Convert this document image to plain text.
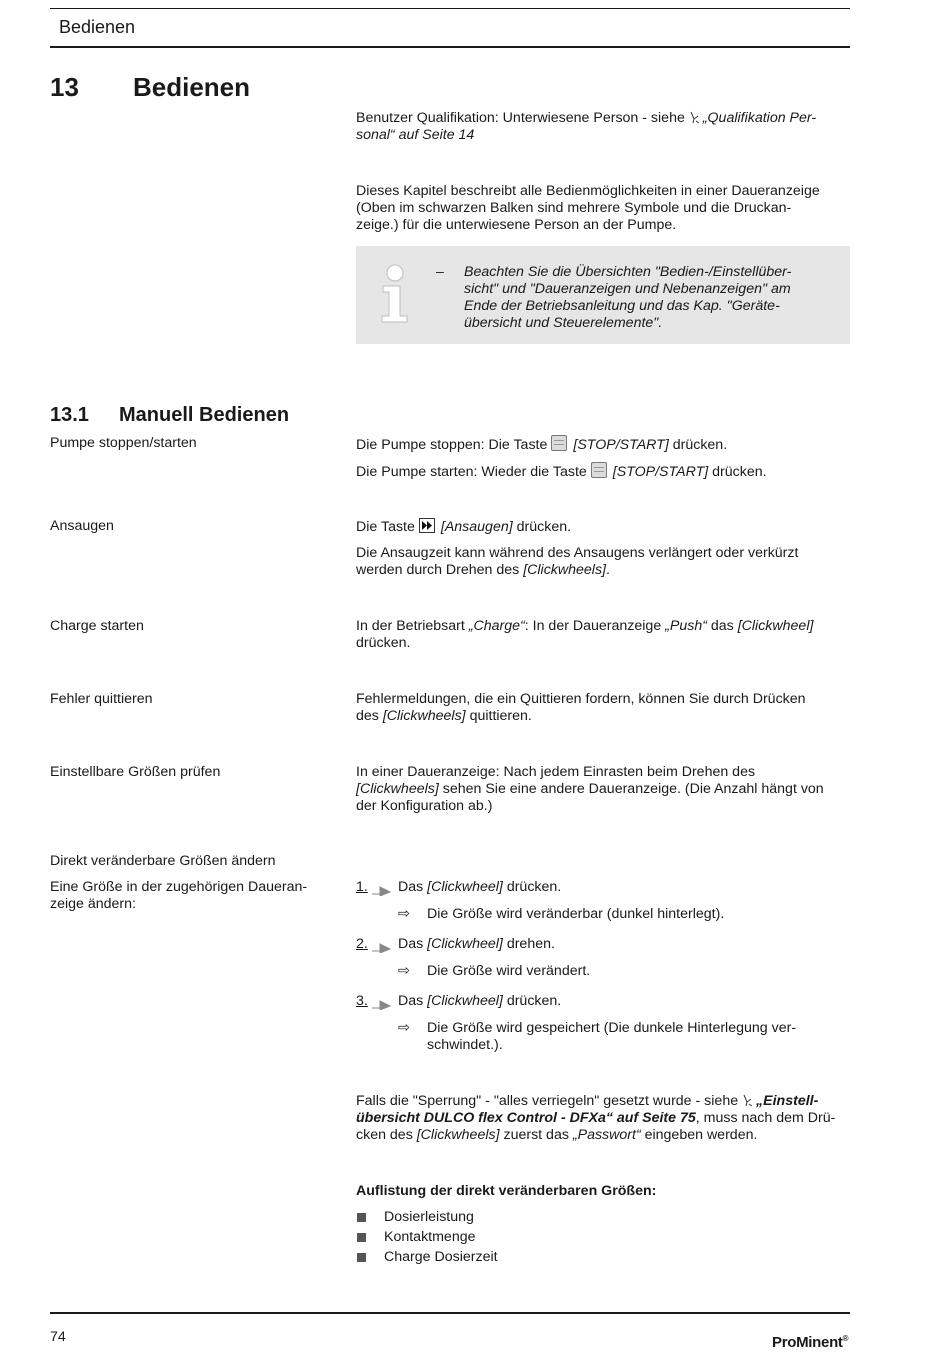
Bedienen
13 Bedienen
Benutzer Qualifikation: Unterwiesene Person - siehe „Qualifikation Per-
sonal“ auf Seite 14
Dieses Kapitel beschreibt alle Bedienmöglichkeiten in einer Daueranzeige
(Oben im schwarzen Balken sind mehrere Symbole und die Druckan-
zeige.) für die unterwiesene Person an der Pumpe.
– Beachten Sie die Übersichten "Bedien-/Einstellüber-
sicht" und "Daueranzeigen und Nebenanzeigen" am
Ende der Betriebsanleitung und das Kap. "Geräte-
übersicht und Steuerelemente".
13.1 Manuell Bedienen
Pumpe stoppen/starten	Die Pumpe stoppen: Die Taste [STOP/START] drücken.
Die Pumpe starten: Wieder die Taste [STOP/START] drücken.
Ansaugen	Die Taste [Ansaugen] drücken.
Die Ansaugzeit kann während des Ansaugens verlängert oder verkürzt
werden durch Drehen des [Clickwheels].
Charge starten	In der Betriebsart „Charge“: In der Daueranzeige „Push“ das [Clickwheel]
drücken.
Fehler quittieren	Fehlermeldungen, die ein Quittieren fordern, können Sie durch Drücken
des [Clickwheels] quittieren.
Einstellbare Größen prüfen	In einer Daueranzeige: Nach jedem Einrasten beim Drehen des
[Clickwheels] sehen Sie eine andere Daueranzeige. (Die Anzahl hängt von
der Konfiguration ab.)
Direkt veränderbare Größen ändern
Eine Größe in der zugehörigen Daueran-
zeige ändern:
1.	Das [Clickwheel] drücken.
⇨	Die Größe wird veränderbar (dunkel hinterlegt).
2.	Das [Clickwheel] drehen.
⇨	Die Größe wird verändert.
3.	Das [Clickwheel] drücken.
⇨	Die Größe wird gespeichert (Die dunkele Hinterlegung ver-
schwindet.).
Falls die "Sperrung" - "alles verriegeln" gesetzt wurde - siehe „Einstell-
übersicht DULCO flex Control - DFXa“ auf Seite 75, muss nach dem Drü-
cken des [Clickwheels] zuerst das „Passwort“ eingeben werden.
Auflistung der direkt veränderbaren Größen:
Dosierleistung
Kontaktmenge
Charge Dosierzeit
74	ProMinent®
